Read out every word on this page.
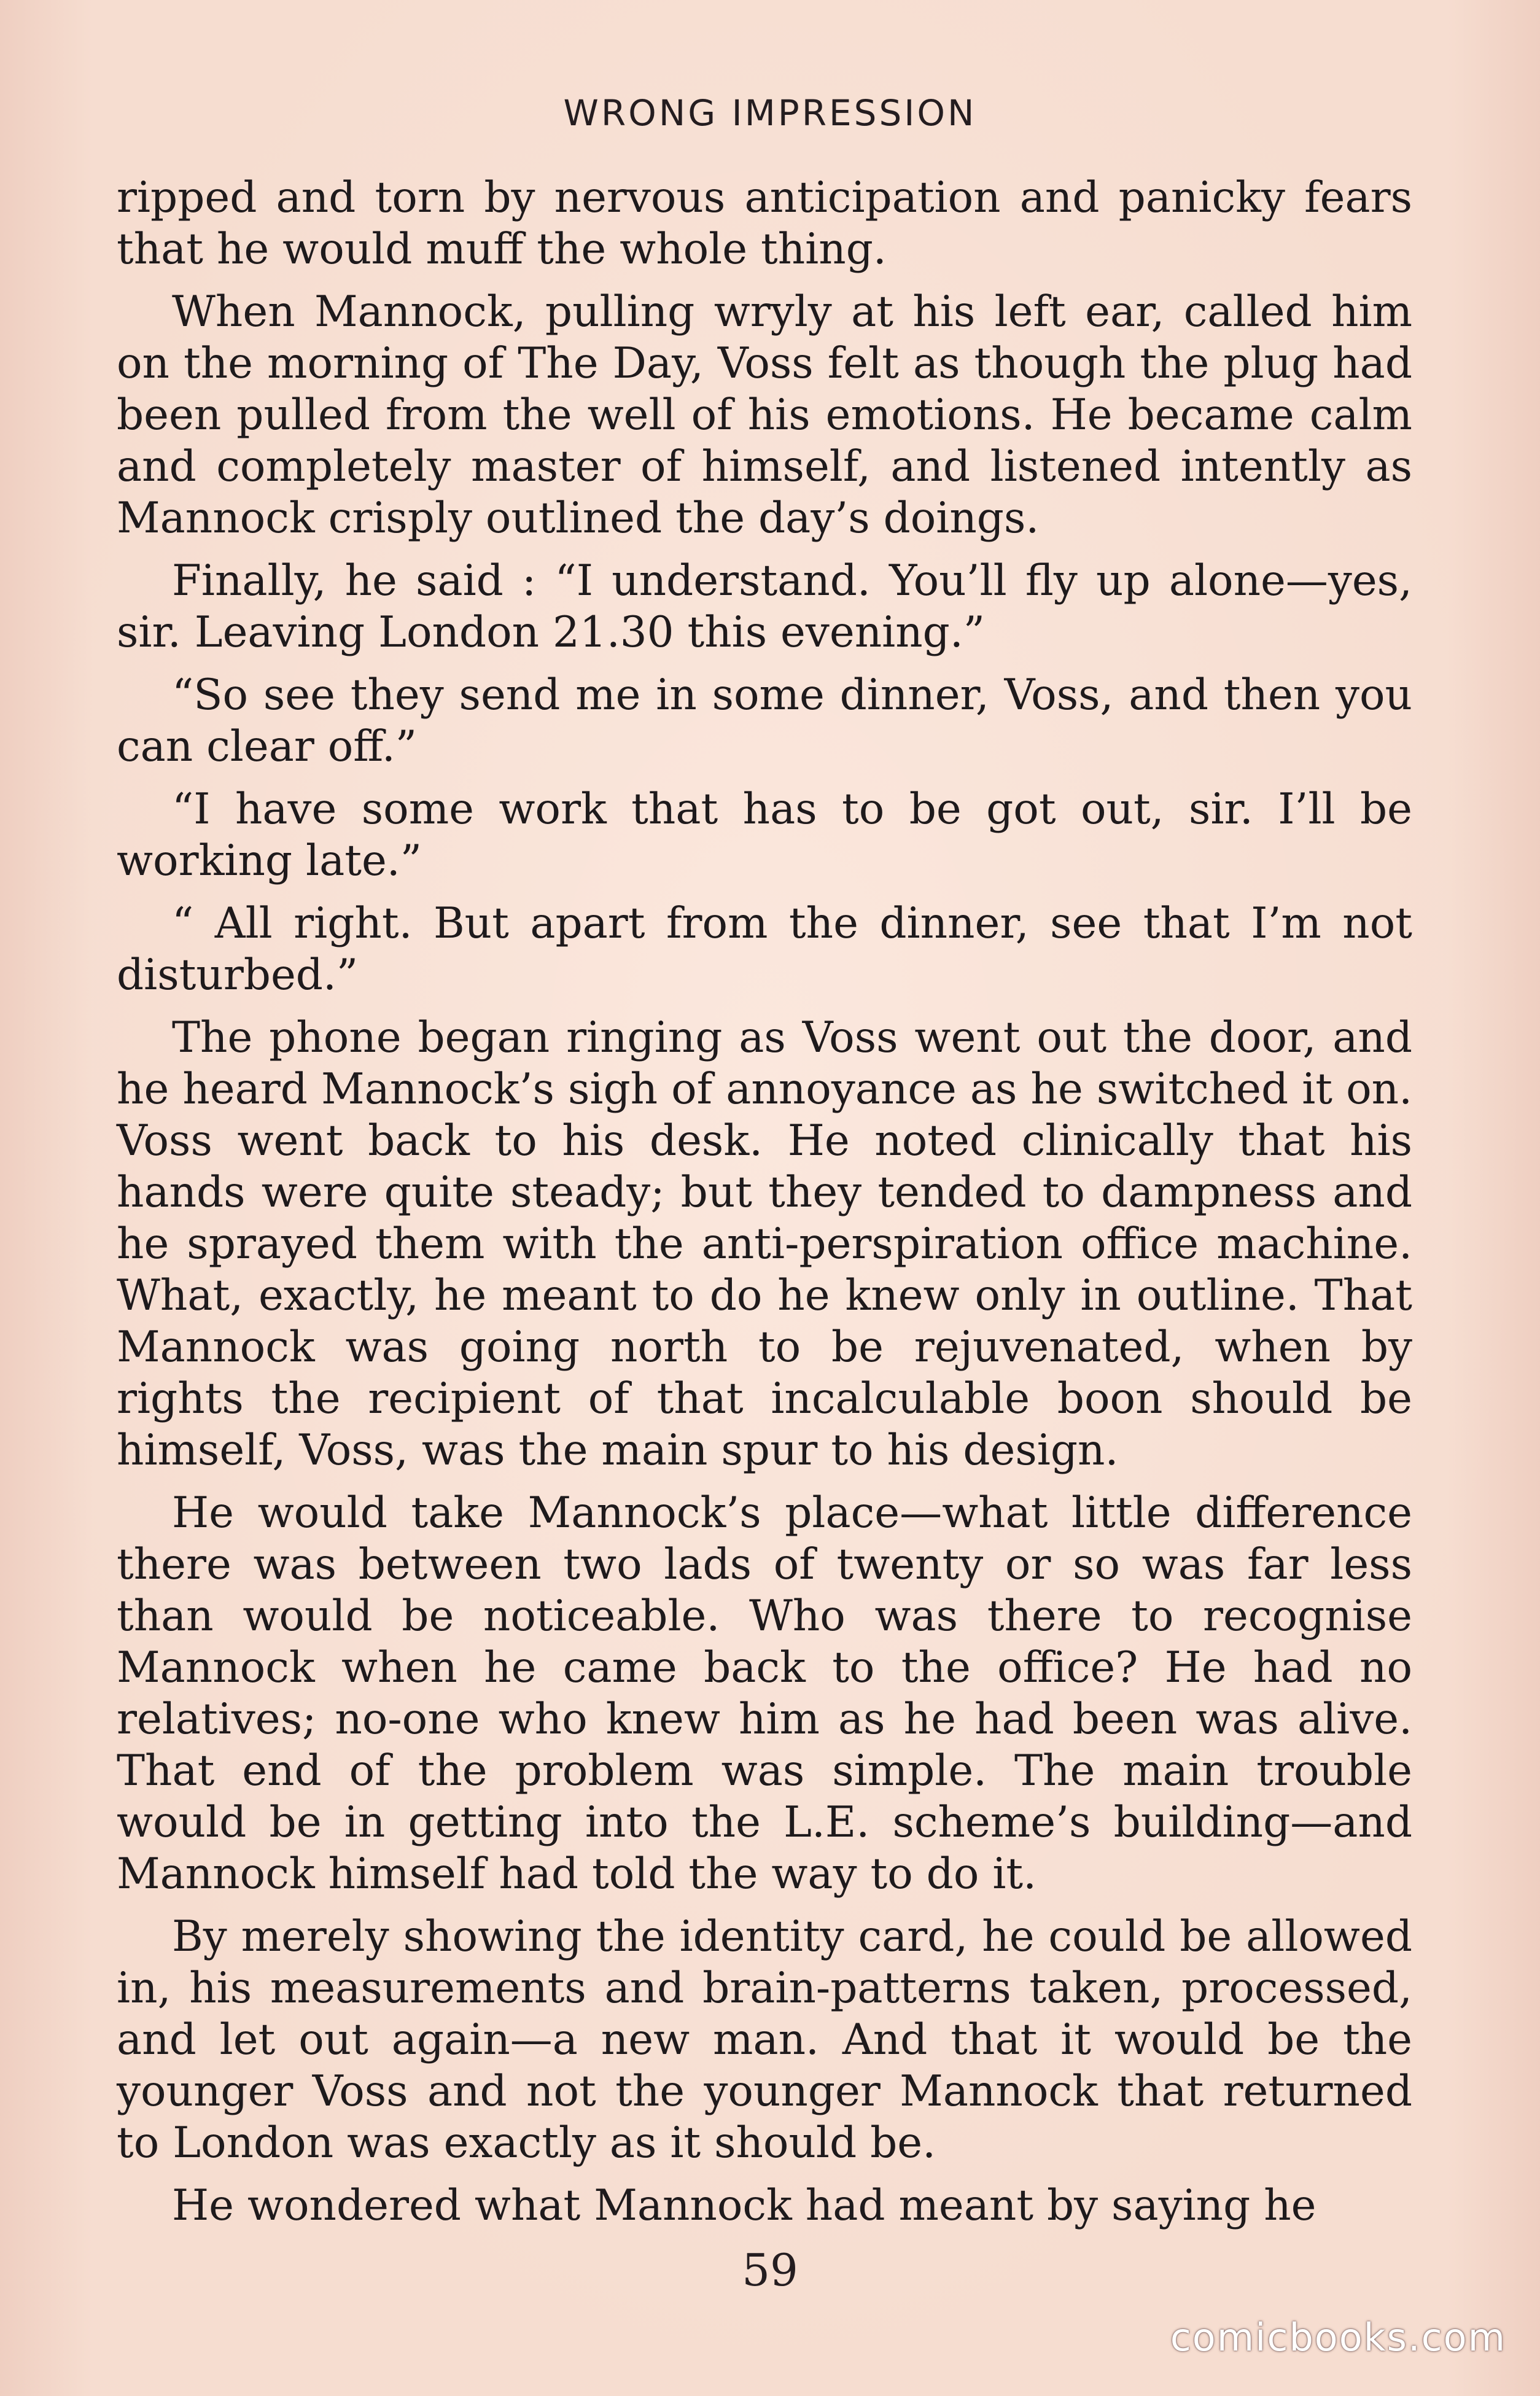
WRONG IMPRESSION

ripped and torn by nervous anticipation and panicky fears that he would muff the whole thing.

When Mannock, pulling wryly at his left ear, called him on the morning of The Day, Voss felt as though the plug had been pulled from the well of his emotions. He became calm and completely master of himself, and listened intently as Mannock crisply outlined the day’s doings.

Finally, he said : “I understand. You’ll fly up alone—yes, sir. Leaving London 21.30 this evening.”

“So see they send me in some dinner, Voss, and then you can clear off.”

“I have some work that has to be got out, sir. I’ll be working late.”

“ All right. But apart from the dinner, see that I’m not disturbed.”

The phone began ringing as Voss went out the door, and he heard Mannock’s sigh of annoyance as he switched it on. Voss went back to his desk. He noted clinically that his hands were quite steady; but they tended to dampness and he sprayed them with the anti-perspiration office machine. What, exactly, he meant to do he knew only in outline. That Mannock was going north to be rejuvenated, when by rights the recipient of that incalculable boon should be himself, Voss, was the main spur to his design.

He would take Mannock’s place—what little difference there was between two lads of twenty or so was far less than would be noticeable. Who was there to recognise Mannock when he came back to the office? He had no relatives; no-one who knew him as he had been was alive. That end of the problem was simple. The main trouble would be in getting into the L.E. scheme’s building—and Mannock himself had told the way to do it.

By merely showing the identity card, he could be allowed in, his measurements and brain-patterns taken, processed, and let out again—a new man. And that it would be the younger Voss and not the younger Mannock that returned to London was exactly as it should be.

He wondered what Mannock had meant by saying he

59
comicbooks.com
